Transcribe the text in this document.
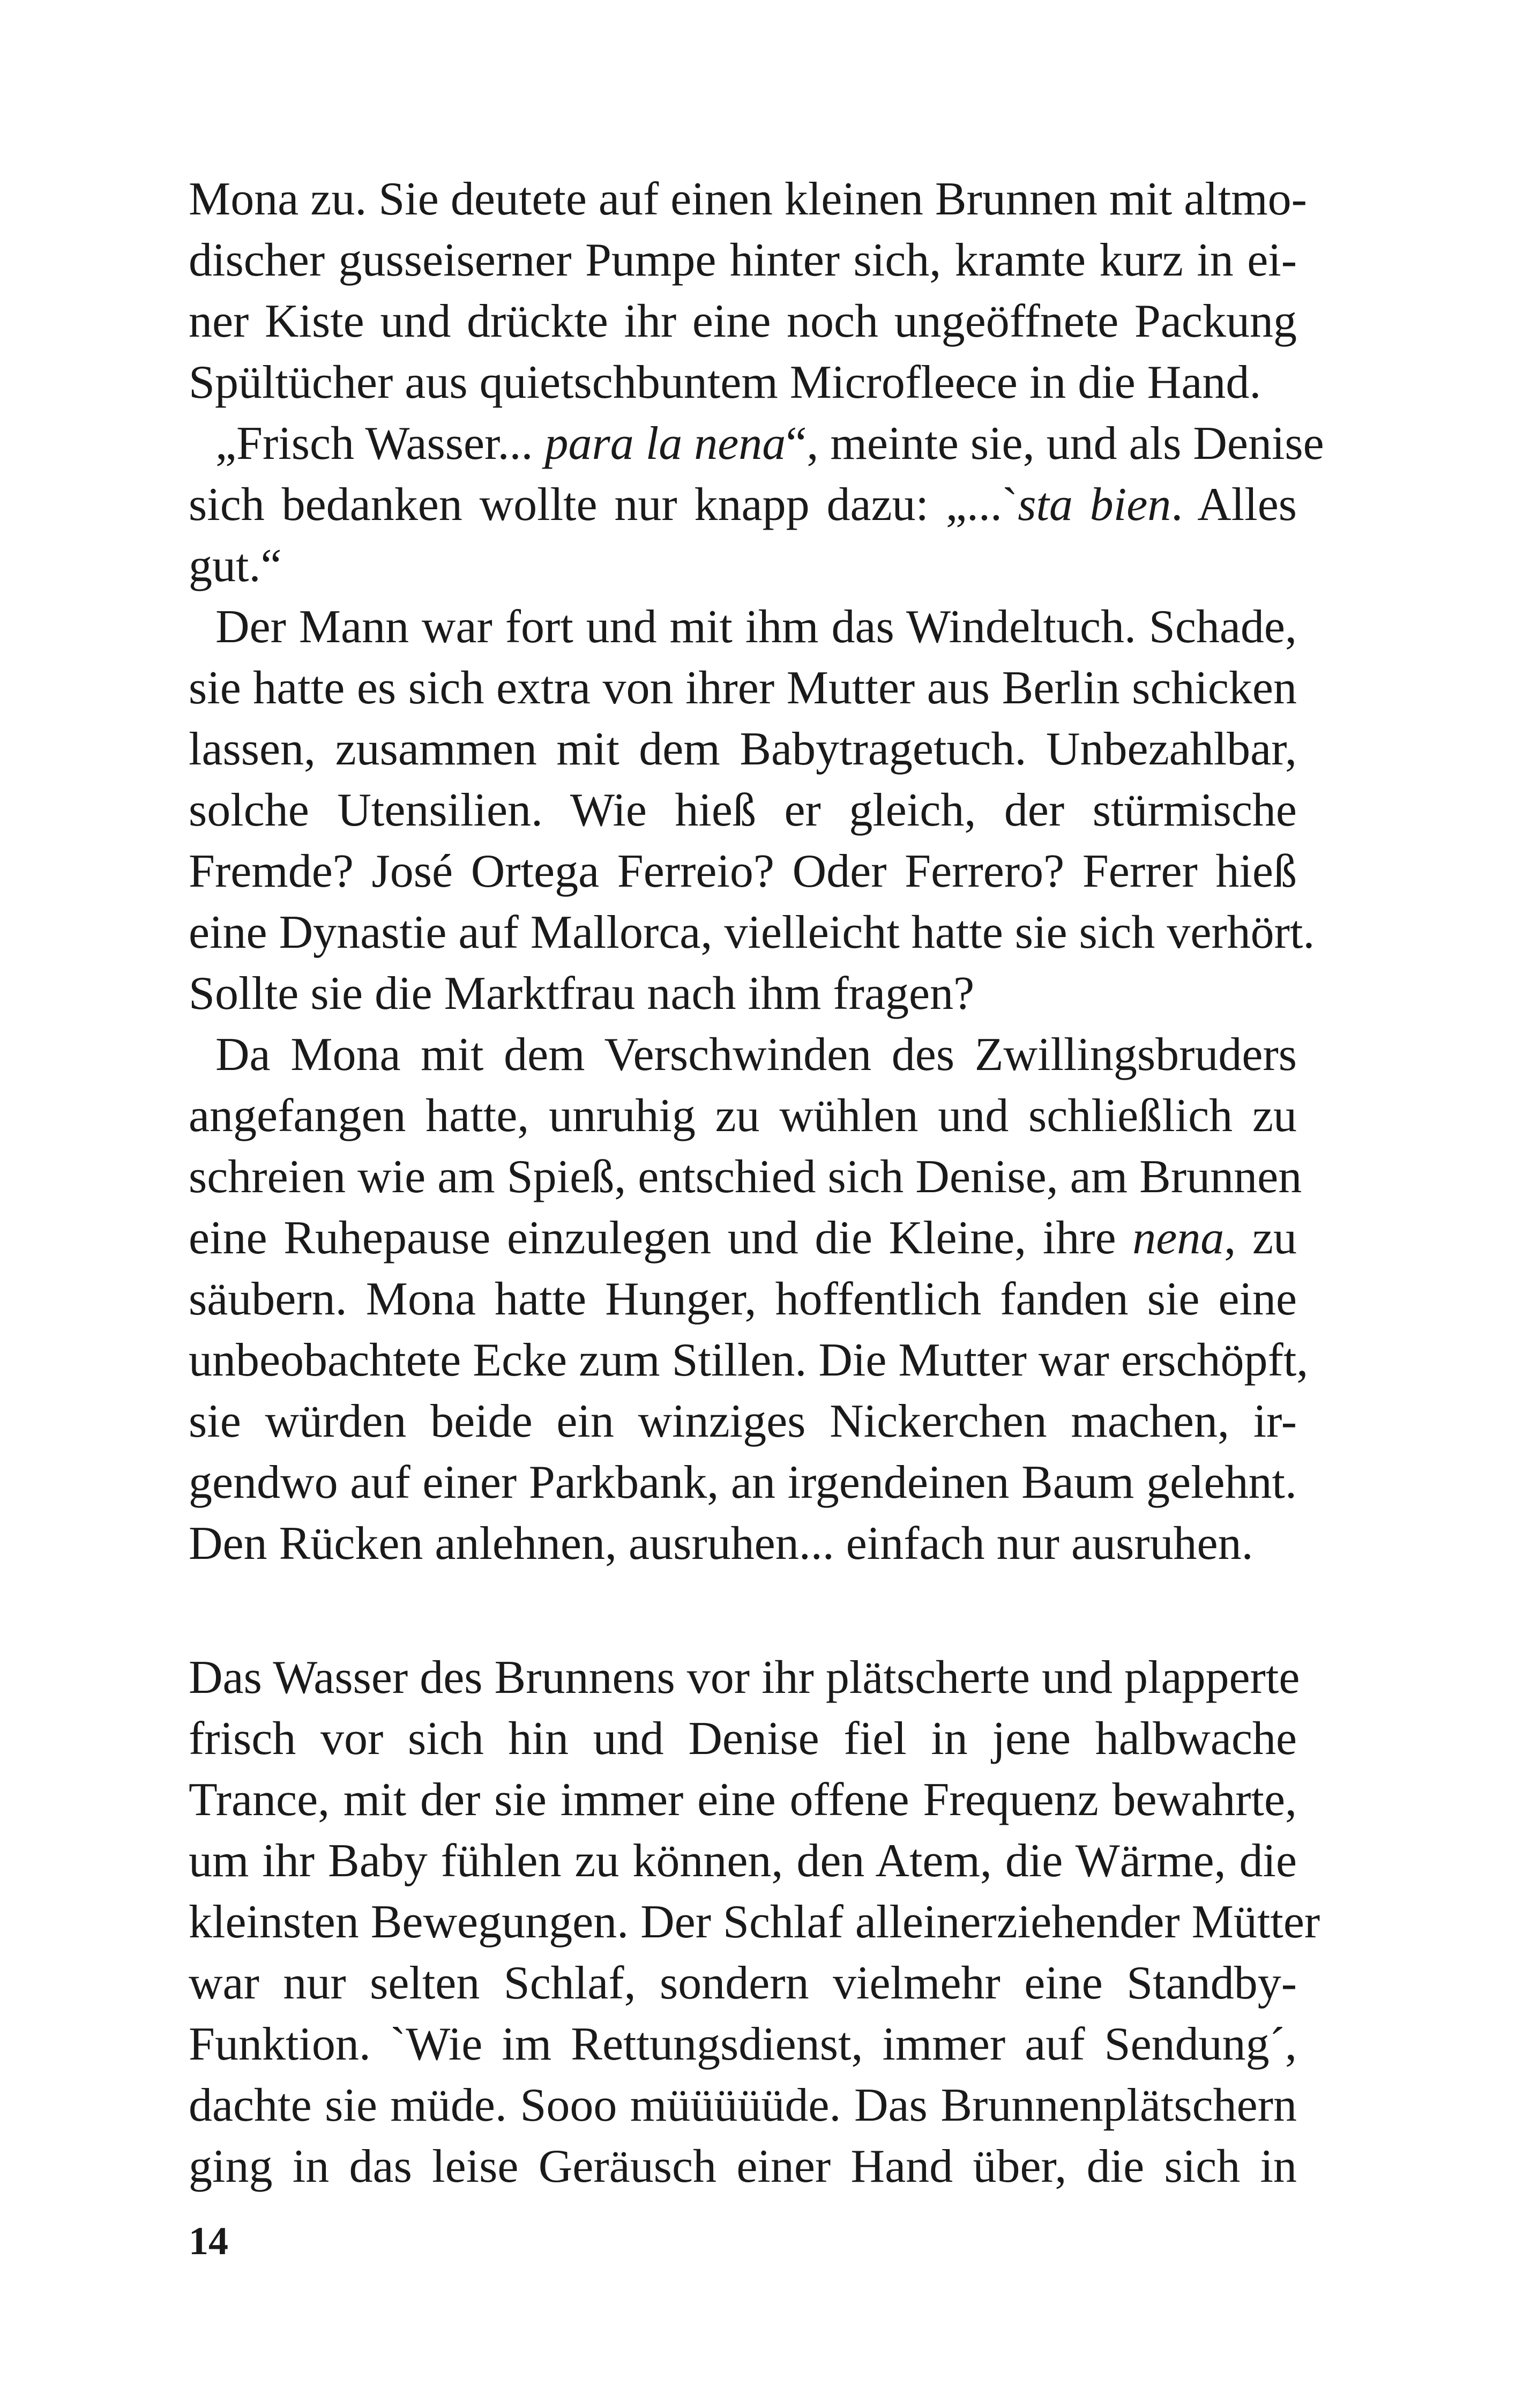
Mona zu. Sie deutete auf einen kleinen Brunnen mit altmo-
discher gusseiserner Pumpe hinter sich, kramte kurz in ei-
ner Kiste und drückte ihr eine noch ungeöffnete Packung
Spültücher aus quietschbuntem Microfleece in die Hand.
„Frisch Wasser... para la nena“, meinte sie, und als Denise
sich bedanken wollte nur knapp dazu: „...`sta bien. Alles
gut.“
Der Mann war fort und mit ihm das Windeltuch. Schade,
sie hatte es sich extra von ihrer Mutter aus Berlin schicken
lassen, zusammen mit dem Babytragetuch. Unbezahlbar,
solche Utensilien. Wie hieß er gleich, der stürmische
Fremde? José Ortega Ferreio? Oder Ferrero? Ferrer hieß
eine Dynastie auf Mallorca, vielleicht hatte sie sich verhört.
Sollte sie die Marktfrau nach ihm fragen?
Da Mona mit dem Verschwinden des Zwillingsbruders
angefangen hatte, unruhig zu wühlen und schließlich zu
schreien wie am Spieß, entschied sich Denise, am Brunnen
eine Ruhepause einzulegen und die Kleine, ihre nena, zu
säubern. Mona hatte Hunger, hoffentlich fanden sie eine
unbeobachtete Ecke zum Stillen. Die Mutter war erschöpft,
sie würden beide ein winziges Nickerchen machen, ir-
gendwo auf einer Parkbank, an irgendeinen Baum gelehnt.
Den Rücken anlehnen, ausruhen... einfach nur ausruhen.
Das Wasser des Brunnens vor ihr plätscherte und plapperte
frisch vor sich hin und Denise fiel in jene halbwache
Trance, mit der sie immer eine offene Frequenz bewahrte,
um ihr Baby fühlen zu können, den Atem, die Wärme, die
kleinsten Bewegungen. Der Schlaf alleinerziehender Mütter
war nur selten Schlaf, sondern vielmehr eine Standby-
Funktion. `Wie im Rettungsdienst, immer auf Sendung´,
dachte sie müde. Sooo müüüüüde. Das Brunnenplätschern
ging in das leise Geräusch einer Hand über, die sich in
14
